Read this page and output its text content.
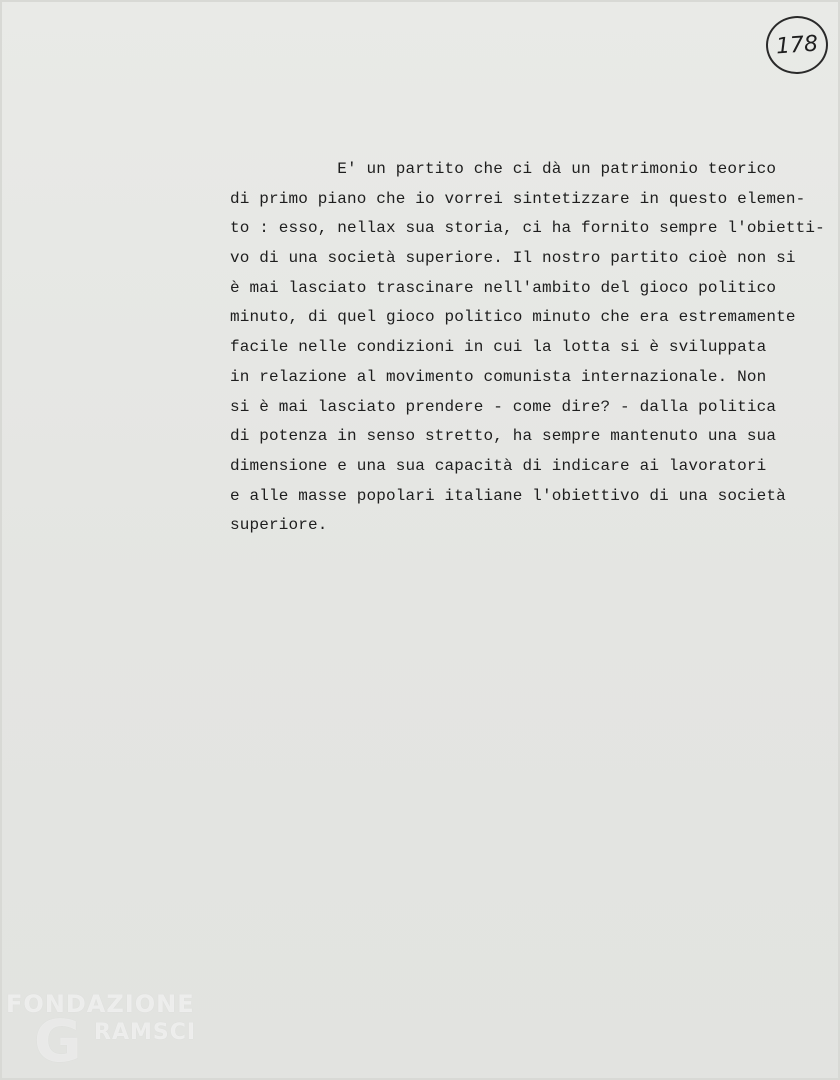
178
E' un partito che ci dà un patrimonio teorico
di primo piano che io vorrei sintetizzare in questo elemen-
to : esso, nellax sua storia, ci ha fornito sempre l'obietti-
vo di una società superiore. Il nostro partito cioè non si
è mai lasciato trascinare nell'ambito del gioco politico
minuto, di quel gioco politico minuto che era estremamente
facile nelle condizioni in cui la lotta si è sviluppata
in relazione al movimento comunista internazionale. Non
si è mai lasciato prendere - come dire? - dalla politica
di potenza in senso stretto, ha sempre mantenuto una sua
dimensione e una sua capacità di indicare ai lavoratori
e alle masse popolari italiane l'obiettivo di una società
superiore.
FONDAZIONE
G RAMSCI
